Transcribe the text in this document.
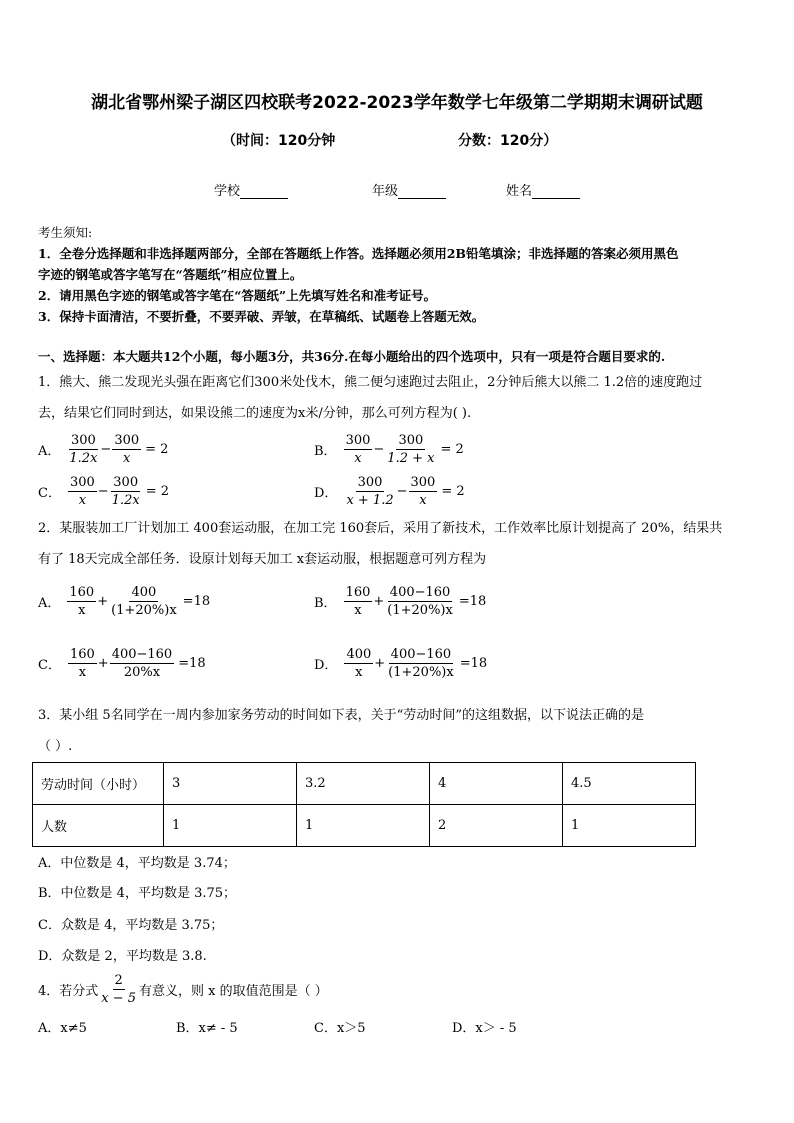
湖北省鄂州梁子湖区四校联考2022-2023学年数学七年级第二学期期末调研试题
（时间：120分钟	分数：120分）
学校	年级	姓名
考生须知:
1．全卷分选择题和非选择题两部分，全部在答题纸上作答。选择题必须用2B铅笔填涂；非选择题的答案必须用黑色
字迹的钢笔或答字笔写在“答题纸”相应位置上。
2．请用黑色字迹的钢笔或答字笔在“答题纸”上先填写姓名和准考证号。
3．保持卡面清洁，不要折叠，不要弄破、弄皱，在草稿纸、试题卷上答题无效。
一、选择题：本大题共12个小题，每小题3分，共36分.在每小题给出的四个选项中，只有一项是符合题目要求的.
1．熊大、熊二发现光头强在距离它们300米处伐木，熊二便匀速跑过去阻止，2分钟后熊大以熊二 1.2倍的速度跑过
去，结果它们同时到达，如果设熊二的速度为x米/分钟，那么可列方程为( ).
A． $\frac{300}{1.2x} - \frac{300}{x} = 2$	B． $\frac{300}{x} - \frac{300}{1.2 + x} = 2$
C． $\frac{300}{x} - \frac{300}{1.2x} = 2$	D． $\frac{300}{x + 1.2} - \frac{300}{x} = 2$
2．某服装加工厂计划加工 400套运动服，在加工完 160套后，采用了新技术，工作效率比原计划提高了 20%，结果共
有了 18天完成全部任务．设原计划每天加工 x套运动服，根据题意可列方程为
A． $\frac{160}{x} + \frac{400}{(1+20\%)x} =18$	B． $\frac{160}{x} + \frac{400-160}{(1+20\%)x} =18$
C． $\frac{160}{x} + \frac{400-160}{20\%x} =18$	D． $\frac{400}{x} + \frac{400-160}{(1+20\%)x} =18$
3．某小组 5名同学在一周内参加家务劳动的时间如下表，关于“劳动时间”的这组数据，以下说法正确的是
（ ）.
劳动时间（小时）	3	3.2	4	4.5
人数	1	1	2	1
A．中位数是 4，平均数是 3.74；
B．中位数是 4，平均数是 3.75；
C．众数是 4，平均数是 3.75；
D．众数是 2，平均数是 3.8.
4．若分式 $\frac{2}{x - 5}$ 有意义，则 x 的取值范围是（ ）
A．x≠5	B．x≠ - 5	C．x＞5	D．x＞ - 5
